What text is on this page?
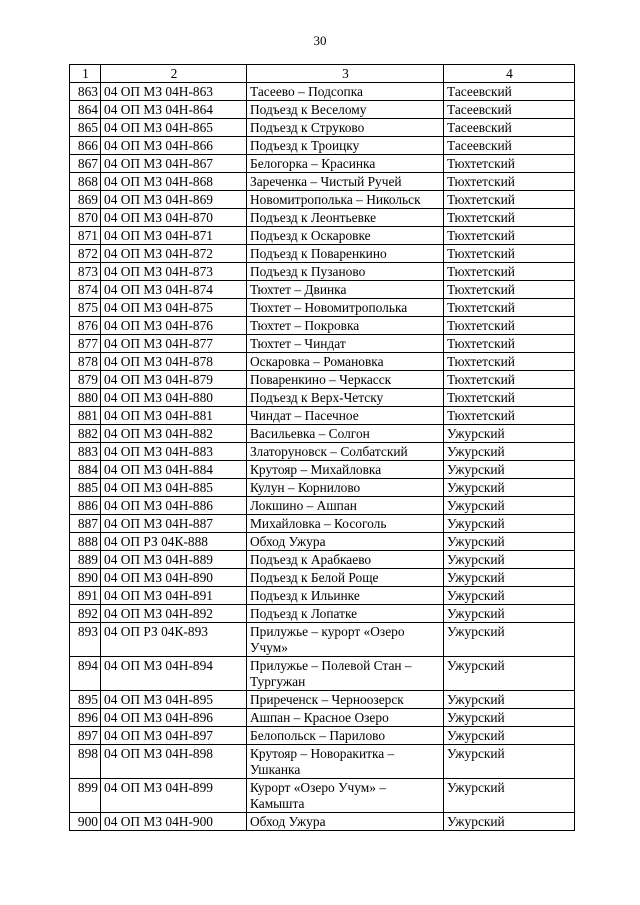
30
1	2	3	4
863	04 ОП МЗ 04Н-863	Тасеево – Подсопка	Тасеевский
864	04 ОП МЗ 04Н-864	Подъезд к Веселому	Тасеевский
865	04 ОП МЗ 04Н-865	Подъезд к Струково	Тасеевский
866	04 ОП МЗ 04Н-866	Подъезд к Троицку	Тасеевский
867	04 ОП МЗ 04Н-867	Белогорка – Красинка	Тюхтетский
868	04 ОП МЗ 04Н-868	Зареченка – Чистый Ручей	Тюхтетский
869	04 ОП МЗ 04Н-869	Новомитрополька – Никольск	Тюхтетский
870	04 ОП МЗ 04Н-870	Подъезд к Леонтьевке	Тюхтетский
871	04 ОП МЗ 04Н-871	Подъезд к Оскаровке	Тюхтетский
872	04 ОП МЗ 04Н-872	Подъезд к Поваренкино	Тюхтетский
873	04 ОП МЗ 04Н-873	Подъезд к Пузаново	Тюхтетский
874	04 ОП МЗ 04Н-874	Тюхтет – Двинка	Тюхтетский
875	04 ОП МЗ 04Н-875	Тюхтет – Новомитрополька	Тюхтетский
876	04 ОП МЗ 04Н-876	Тюхтет – Покровка	Тюхтетский
877	04 ОП МЗ 04Н-877	Тюхтет – Чиндат	Тюхтетский
878	04 ОП МЗ 04Н-878	Оскаровка – Романовка	Тюхтетский
879	04 ОП МЗ 04Н-879	Поваренкино – Черкасск	Тюхтетский
880	04 ОП МЗ 04Н-880	Подъезд к Верх-Четску	Тюхтетский
881	04 ОП МЗ 04Н-881	Чиндат – Пасечное	Тюхтетский
882	04 ОП МЗ 04Н-882	Васильевка – Солгон	Ужурский
883	04 ОП МЗ 04Н-883	Златоруновск – Солбатский	Ужурский
884	04 ОП МЗ 04Н-884	Крутояр – Михайловка	Ужурский
885	04 ОП МЗ 04Н-885	Кулун – Корнилово	Ужурский
886	04 ОП МЗ 04Н-886	Локшино – Ашпан	Ужурский
887	04 ОП МЗ 04Н-887	Михайловка – Косоголь	Ужурский
888	04 ОП РЗ 04К-888	Обход Ужура	Ужурский
889	04 ОП МЗ 04Н-889	Подъезд к Арабкаево	Ужурский
890	04 ОП МЗ 04Н-890	Подъезд к Белой Роще	Ужурский
891	04 ОП МЗ 04Н-891	Подъезд к Ильинке	Ужурский
892	04 ОП МЗ 04Н-892	Подъезд к Лопатке	Ужурский
893	04 ОП РЗ 04К-893	Прилужье – курорт «Озеро Учум»	Ужурский
894	04 ОП МЗ 04Н-894	Прилужье – Полевой Стан – Тургужан	Ужурский
895	04 ОП МЗ 04Н-895	Приреченск – Черноозерск	Ужурский
896	04 ОП МЗ 04Н-896	Ашпан – Красное Озеро	Ужурский
897	04 ОП МЗ 04Н-897	Белопольск – Парилово	Ужурский
898	04 ОП МЗ 04Н-898	Крутояр – Новоракитка – Ушканка	Ужурский
899	04 ОП МЗ 04Н-899	Курорт «Озеро Учум» – Камышта	Ужурский
900	04 ОП МЗ 04Н-900	Обход Ужура	Ужурский
